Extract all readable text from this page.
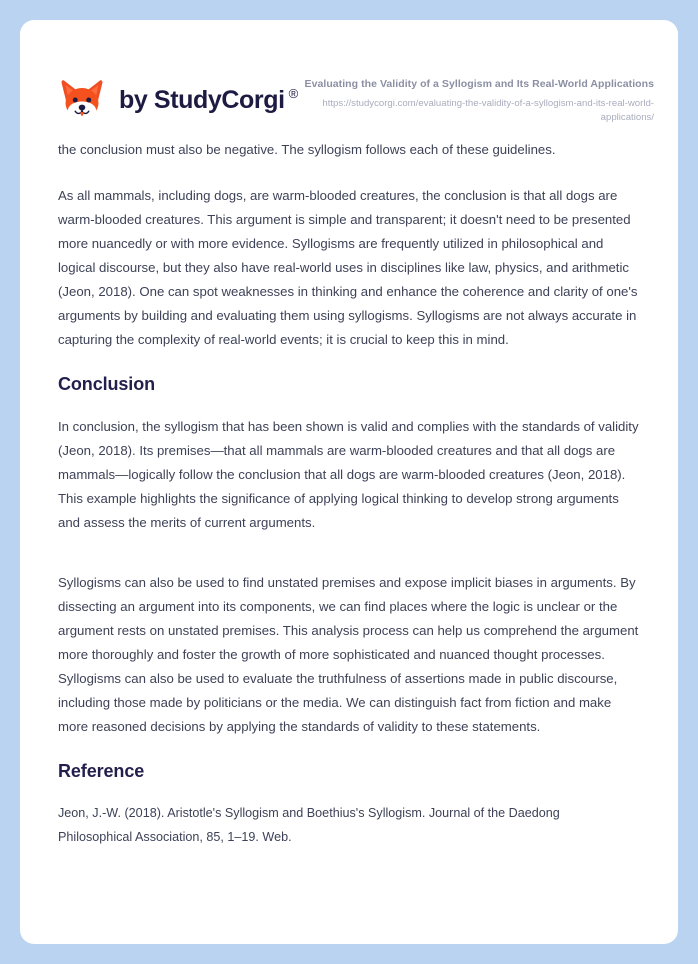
by StudyCorgi ®
Evaluating the Validity of a Syllogism and Its Real-World Applications
https://studycorgi.com/evaluating-the-validity-of-a-syllogism-and-its-real-world-applications/

the conclusion must also be negative. The syllogism follows each of these guidelines.

As all mammals, including dogs, are warm-blooded creatures, the conclusion is that all dogs are warm-blooded creatures. This argument is simple and transparent; it doesn't need to be presented more nuancedly or with more evidence. Syllogisms are frequently utilized in philosophical and logical discourse, but they also have real-world uses in disciplines like law, physics, and arithmetic (Jeon, 2018). One can spot weaknesses in thinking and enhance the coherence and clarity of one's arguments by building and evaluating them using syllogisms. Syllogisms are not always accurate in capturing the complexity of real-world events; it is crucial to keep this in mind.

Conclusion

In conclusion, the syllogism that has been shown is valid and complies with the standards of validity (Jeon, 2018). Its premises—that all mammals are warm-blooded creatures and that all dogs are mammals—logically follow the conclusion that all dogs are warm-blooded creatures (Jeon, 2018). This example highlights the significance of applying logical thinking to develop strong arguments and assess the merits of current arguments.

Syllogisms can also be used to find unstated premises and expose implicit biases in arguments. By dissecting an argument into its components, we can find places where the logic is unclear or the argument rests on unstated premises. This analysis process can help us comprehend the argument more thoroughly and foster the growth of more sophisticated and nuanced thought processes. Syllogisms can also be used to evaluate the truthfulness of assertions made in public discourse, including those made by politicians or the media. We can distinguish fact from fiction and make more reasoned decisions by applying the standards of validity to these statements.

Reference

Jeon, J.-W. (2018). Aristotle's Syllogism and Boethius's Syllogism. Journal of the Daedong Philosophical Association, 85, 1–19. Web.
